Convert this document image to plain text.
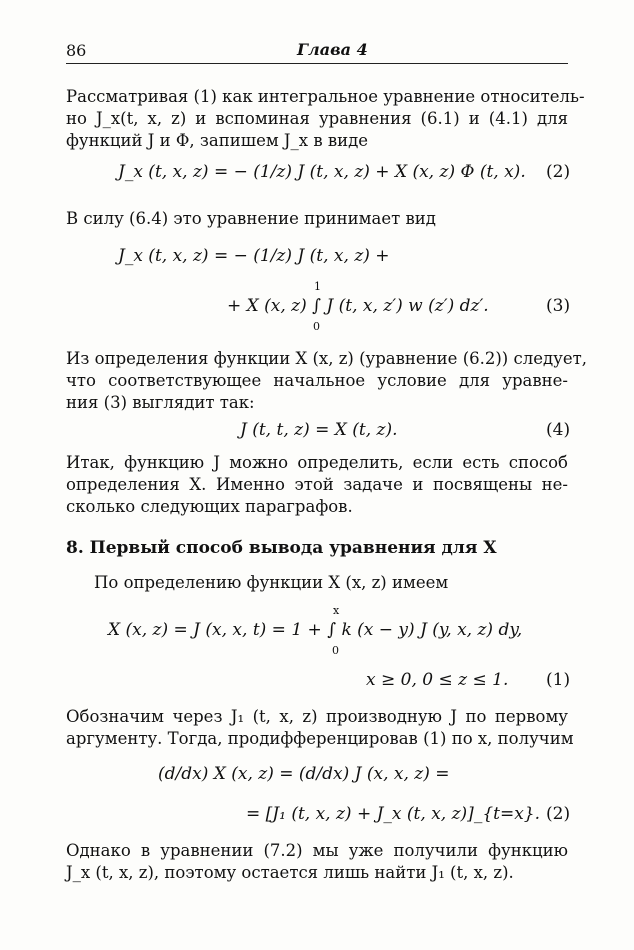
86	Глава 4
Рассматривая (1) как интегральное уравнение относитель-
но J_x(t, x, z) и вспоминая уравнения (6.1) и (4.1) для
функций J и Φ, запишем J_x в виде
J_x (t, x, z) = − (1/z) J (t, x, z) + X (x, z) Φ (t, x). (2)
В силу (6.4) это уравнение принимает вид
J_x (t, x, z) = − (1/z) J (t, x, z) +
+ X (x, z) ∫ J (t, x, z′) w (z′) dz′.
1
0
(3)
Из определения функции X (x, z) (уравнение (6.2)) следует,
что соответствующее начальное условие для уравне-
ния (3) выглядит так:
J (t, t, z) = X (t, z).	(4)
Итак, функцию J можно определить, если есть способ
определения X. Именно этой задаче и посвящены не-
сколько следующих параграфов.
8. Первый способ вывода уравнения для X
По определению функции X (x, z) имеем
X (x, z) = J (x, x, t) = 1 + ∫ k (x − y) J (y, x, z) dy,
x
0
x ≥ 0, 0 ≤ z ≤ 1. (1)
Обозначим через J₁ (t, x, z) производную J по первому
аргументу. Тогда, продифференцировав (1) по x, получим
(d/dx) X (x, z) = (d/dx) J (x, x, z) =
= [J₁ (t, x, z) + J_x (t, x, z)]_{t=x}. (2)
Однако в уравнении (7.2) мы уже получили функцию
J_x (t, x, z), поэтому остается лишь найти J₁ (t, x, z).
